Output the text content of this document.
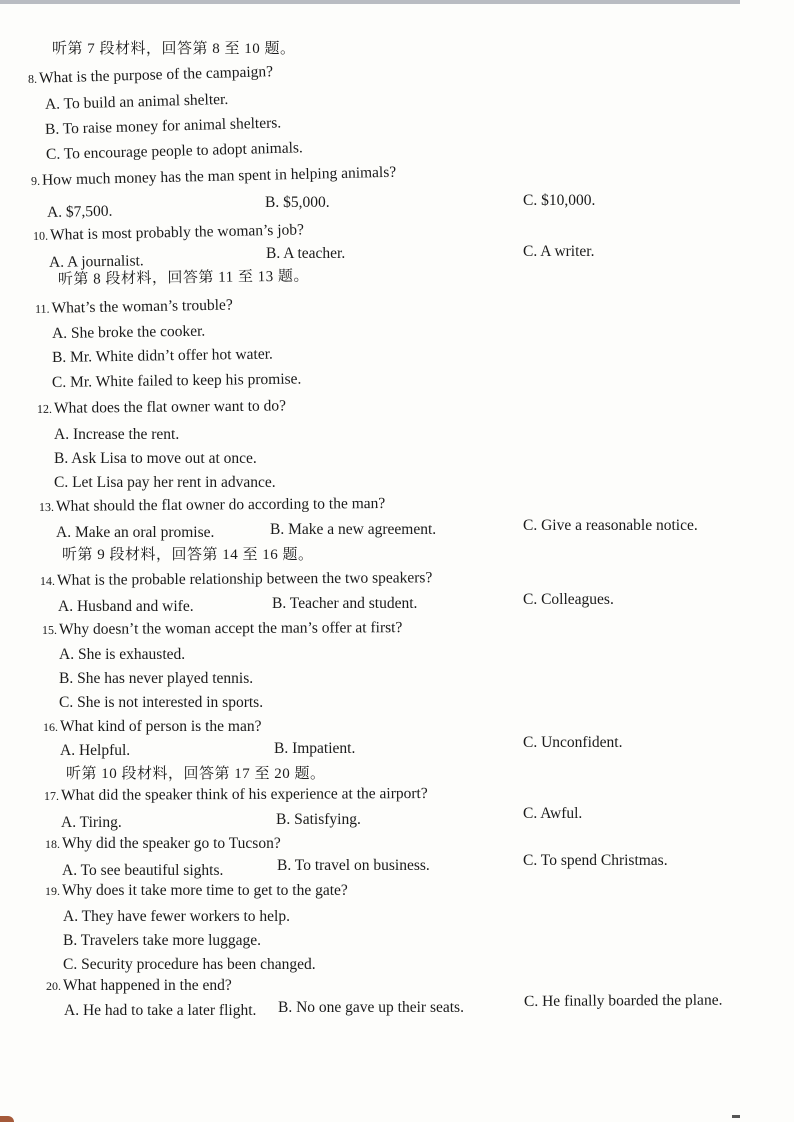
听第 7 段材料，回答第 8 至 10 题。
8. What is the purpose of the campaign?
A. To build an animal shelter.
B. To raise money for animal shelters.
C. To encourage people to adopt animals.
9. How much money has the man spent in helping animals?
A. $7,500.
B. $5,000.	C. $10,000.
10. What is most probably the woman’s job?
A. A journalist.	B. A teacher.	C. A writer.
听第 8 段材料，回答第 11 至 13 题。
11. What’s the woman’s trouble?
A. She broke the cooker.
B. Mr. White didn’t offer hot water.
C. Mr. White failed to keep his promise.
12. What does the flat owner want to do?
A. Increase the rent.
B. Ask Lisa to move out at once.
C. Let Lisa pay her rent in advance.
13. What should the flat owner do according to the man?
A. Make an oral promise.	B. Make a new agreement.	C. Give a reasonable notice.
听第 9 段材料，回答第 14 至 16 题。
14. What is the probable relationship between the two speakers?
A. Husband and wife.	B. Teacher and student.	C. Colleagues.
15. Why doesn’t the woman accept the man’s offer at first?
A. She is exhausted.
B. She has never played tennis.
C. She is not interested in sports.
16. What kind of person is the man?
A. Helpful.	B. Impatient.	C. Unconfident.
听第 10 段材料，回答第 17 至 20 题。
17. What did the speaker think of his experience at the airport?
A. Tiring.	B. Satisfying.	C. Awful.
18. Why did the speaker go to Tucson?
A. To see beautiful sights.	B. To travel on business.	C. To spend Christmas.
19. Why does it take more time to get to the gate?
A. They have fewer workers to help.
B. Travelers take more luggage.
C. Security procedure has been changed.
20. What happened in the end?
A. He had to take a later flight. B. No one gave up their seats.	C. He finally boarded the plane.
